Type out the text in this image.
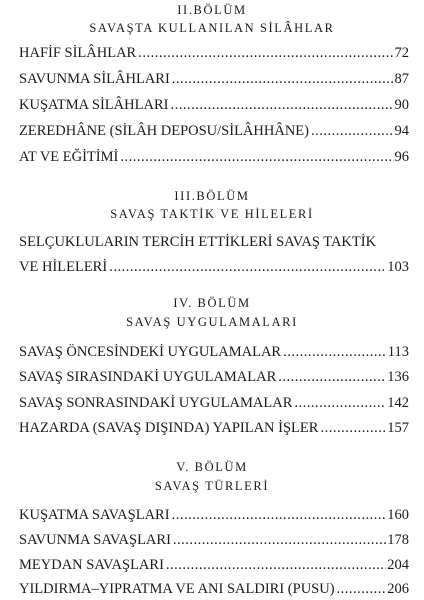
II.BÖLÜM
SAVAŞTA KULLANILAN SİLÂHLAR
HAFİF SİLÂHLAR .....	72
SAVUNMA SİLÂHLARI .....	87
KUŞATMA SİLÂHLARI .....	90
ZEREDHÂNE (SİLÂH DEPOSU/SİLÂHHÂNE) .....	94
AT VE EĞİTİMİ .....	96
III.BÖLÜM
SAVAŞ TAKTİK VE HİLELERİ
SELÇUKLULARIN TERCİH ETTİKLERİ SAVAŞ TAKTİK
VE HİLELERİ .....	103
IV. BÖLÜM
SAVAŞ UYGULAMALARI
SAVAŞ ÖNCESİNDEKİ UYGULAMALAR .....	113
SAVAŞ SIRASINDAKİ UYGULAMALAR .....	136
SAVAŞ SONRASINDAKİ UYGULAMALAR .....	142
HAZARDA (SAVAŞ DIŞINDA) YAPILAN İŞLER .....	157
V. BÖLÜM
SAVAŞ TÜRLERİ
KUŞATMA SAVAŞLARI .....	160
SAVUNMA SAVAŞLARI .....	178
MEYDAN SAVAŞLARI .....	204
YILDIRMA–YIPRATMA VE ANI SALDIRI (PUSU) .....	206
